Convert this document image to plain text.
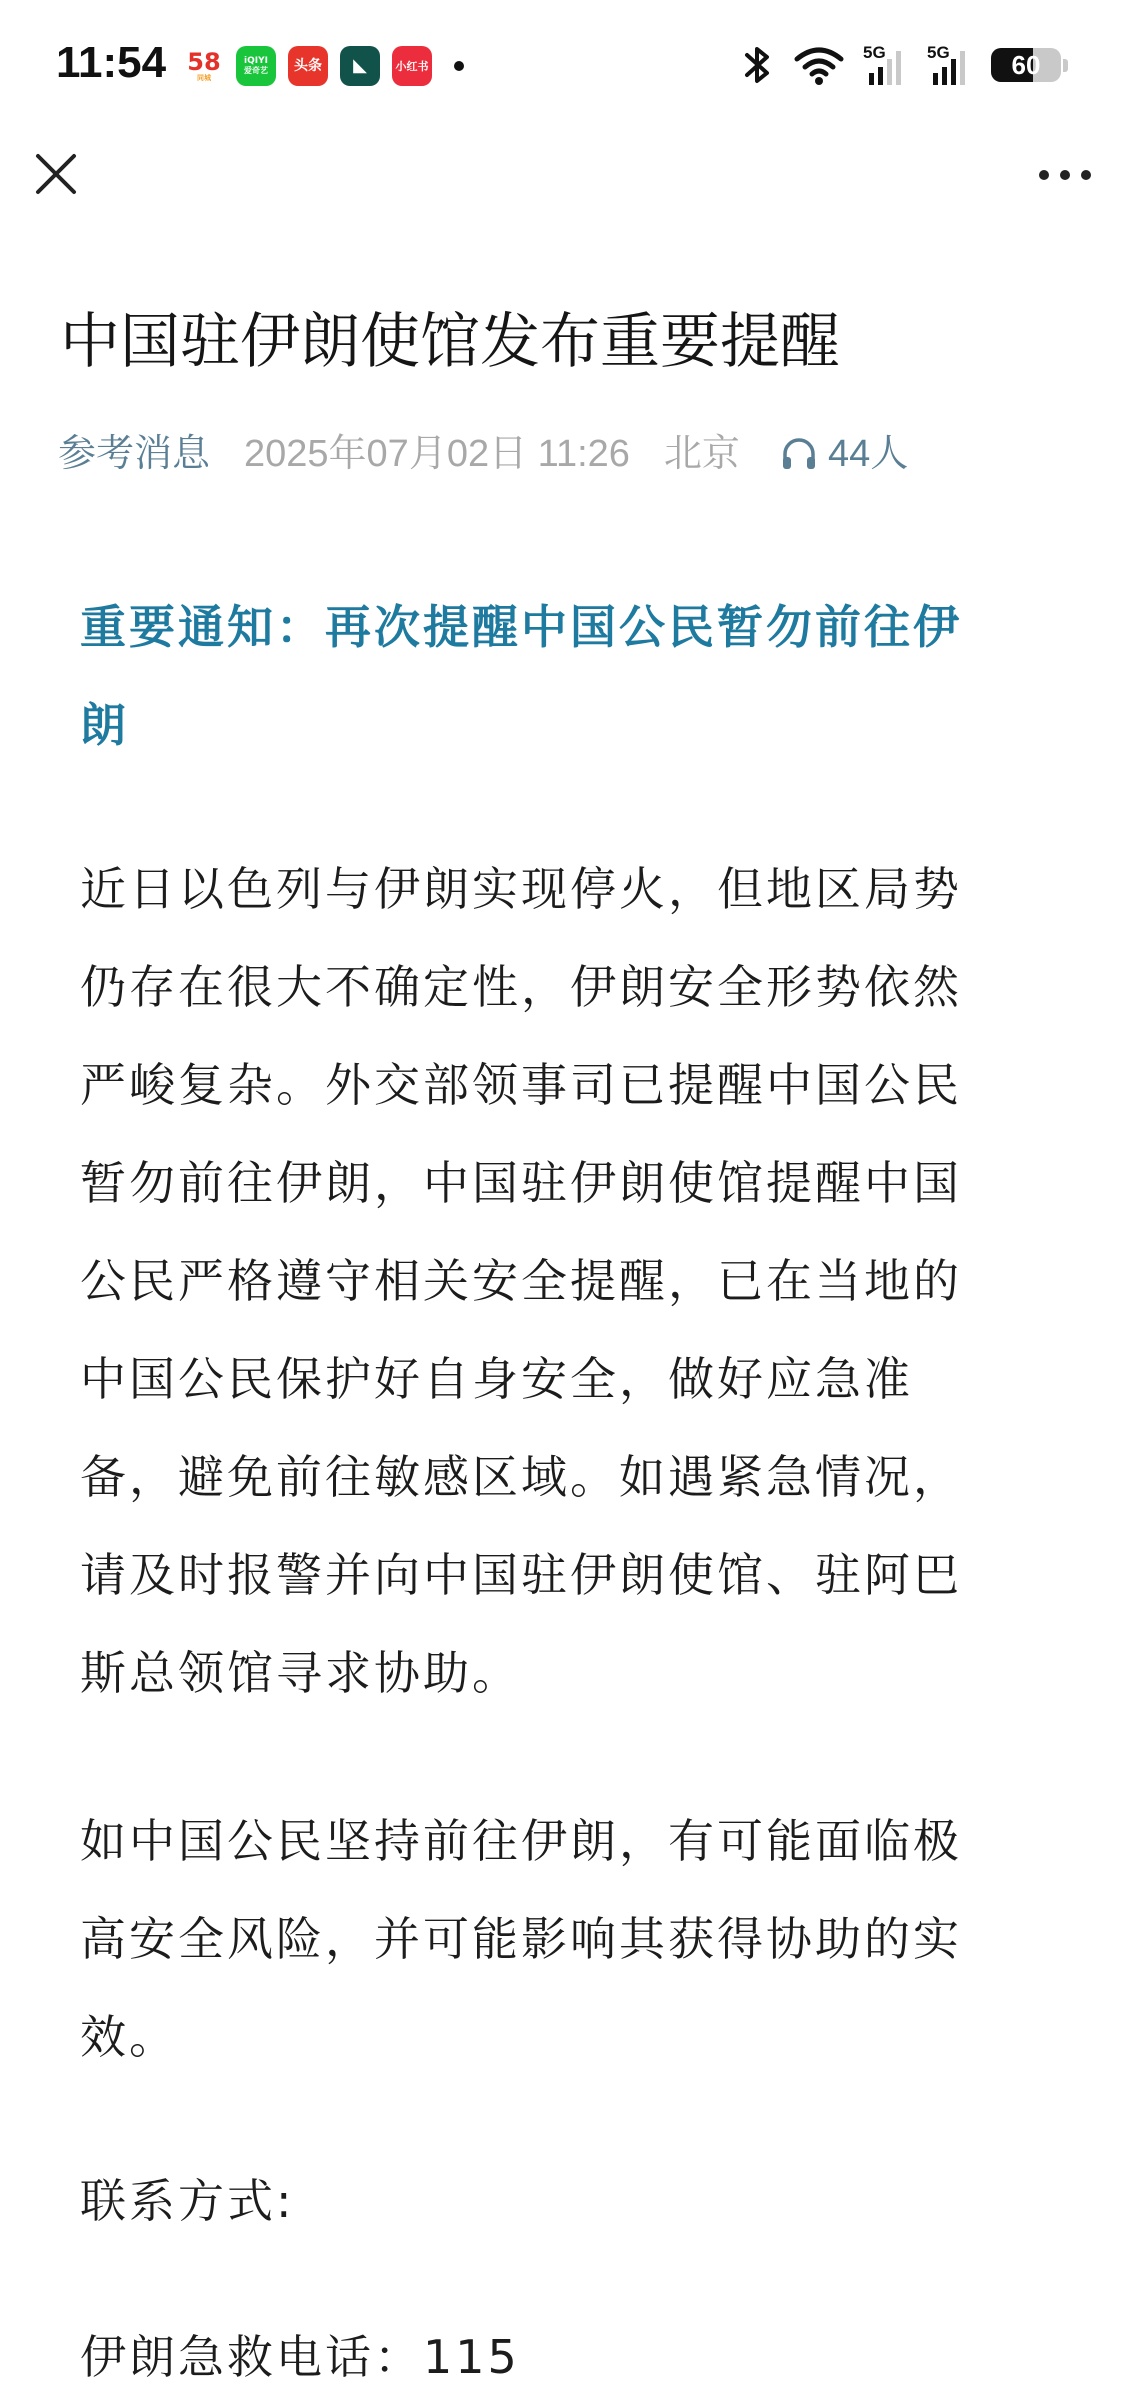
11:54 58
同城
iQIYI
爱奇艺 头条 ◣	小红书
5G 5G	60
中国驻伊朗使馆发布重要提醒
参考消息 2025年07月02日 11:26 北京 44人
重要通知：再次提醒中国公民暂勿前往伊
朗

近日以色列与伊朗实现停火，但地区局势
仍存在很大不确定性，伊朗安全形势依然
严峻复杂。外交部领事司已提醒中国公民
暂勿前往伊朗，中国驻伊朗使馆提醒中国
公民严格遵守相关安全提醒，已在当地的
中国公民保护好自身安全，做好应急准
备，避免前往敏感区域。如遇紧急情况，
请及时报警并向中国驻伊朗使馆、驻阿巴
斯总领馆寻求协助。

如中国公民坚持前往伊朗，有可能面临极
高安全风险，并可能影响其获得协助的实
效。

联系方式:

伊朗急救电话：115
